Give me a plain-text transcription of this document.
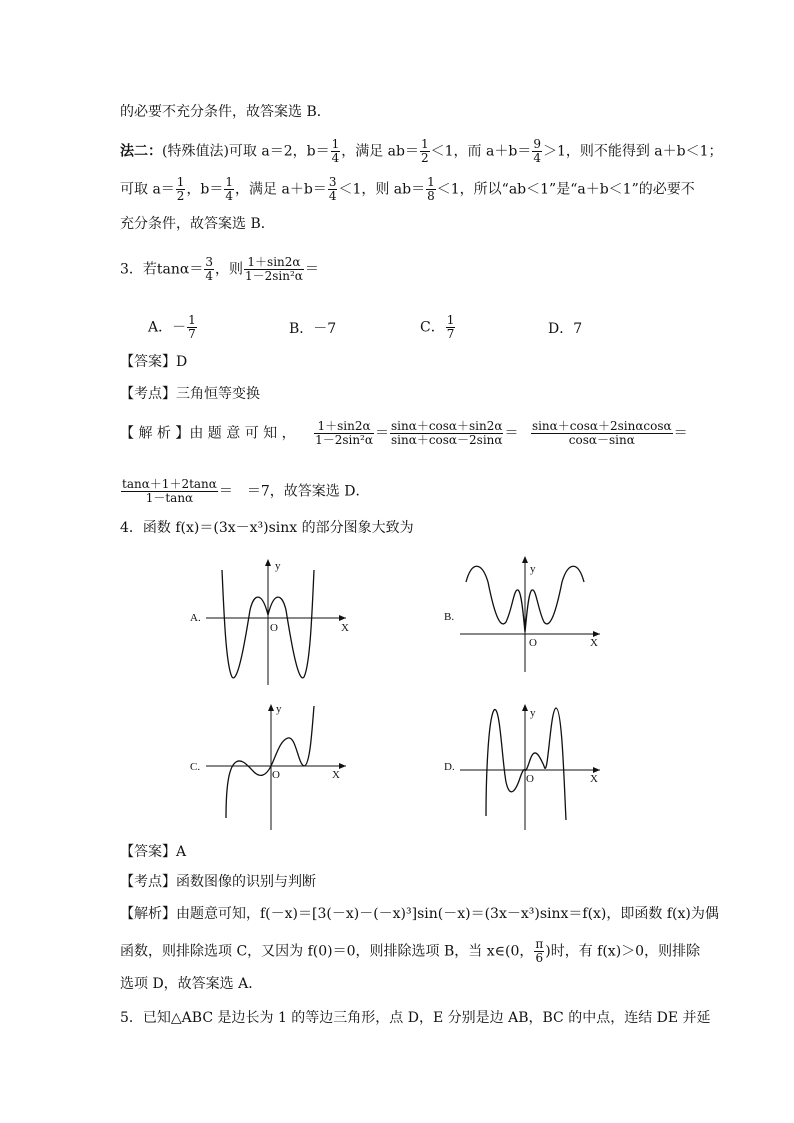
的必要不充分条件，故答案选 B．
法二：(特殊值法)可取 a＝2，$b= \frac{1}{4}$ ，满足 $ab= \frac{1}{2} <1$，而 $a+b= \frac{9}{4} >1$，则不能得到 a＋b＜1；
可取 $a= \frac{1}{2}$ ，$b= \frac{1}{4}$ ，满足 $a+b= \frac{3}{4} <1$，则 $ab= \frac{1}{8} <1$，所以“ab＜1”是“a＋b＜1”的必要不
充分条件，故答案选 B．
3．若$\tan\alpha= \frac{3}{4}$ ，则 $\frac{1+\sin 2\alpha}{\text{1－2sin²α}}$ ＝
A．－ $\frac{1}{7}$	B．－7	C． $\frac{1}{7}$	D．7
【答案】D
【考点】三角恒等变换
【 解 析 】由 题 意 可 知 ， $\frac{1+\sin 2\alpha}{\text{1－2sin²α}} = \frac{\sin\alpha+\cos\alpha+\sin 2\alpha}{\sin\alpha+\cos\alpha-2\sin\alpha} = \frac{\sin\alpha+\cos\alpha+2\sin\alpha\cos\alpha}{\cos\alpha-\sin\alpha}$ ＝
$\frac{\tan\alpha+1+2\tan\alpha}{1-\tan\alpha}$ ＝　＝7，故答案选 D．
4．函数 f(x)＝(3x－x³)sinx 的部分图象大致为
A.
X
y
O
B.
X
y
O
C.
X
y
O
D.
X
y
O
【答案】A
【考点】函数图像的识别与判断
【解析】由题意可知，f(－x)＝[3(－x)－(－x)³]sin(－x)＝(3x－x³)sinx＝f(x)，即函数 f(x)为偶
函数，则排除选项 C，又因为 f(0)＝0，则排除选项 B，当 x∈(0， $\frac{\pi}{6}$ )时，有 f(x)＞0，则排除
选项 D，故答案选 A．
5．已知△ABC 是边长为 1 的等边三角形，点 D，E 分别是边 AB，BC 的中点，连结 DE 并延
